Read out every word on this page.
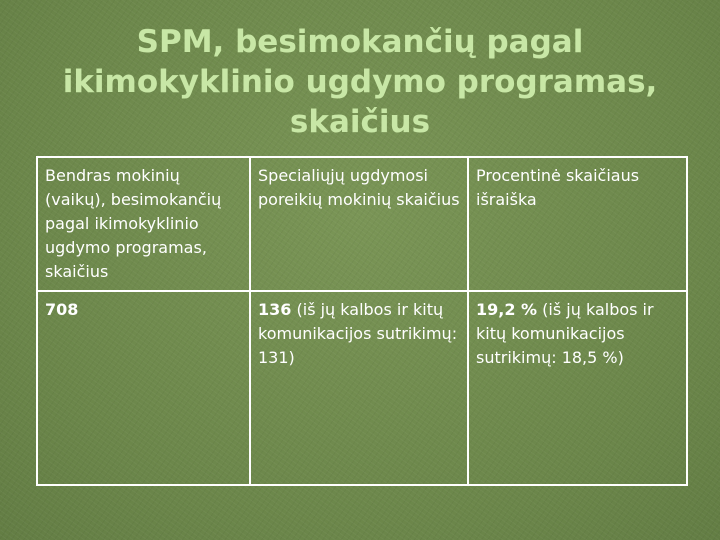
SPM, besimokančių pagal ikimokyklinio ugdymo programas, skaičius
Bendras mokinių (vaikų), besimokančių pagal ikimokyklinio ugdymo programas, skaičius	Specialiųjų ugdymosi poreikių mokinių skaičius	Procentinė skaičiaus išraiška
708	136 (iš jų kalbos ir kitų komunikacijos sutrikimų: 131)	19,2 % (iš jų kalbos ir kitų komunikacijos sutrikimų: 18,5 %)
